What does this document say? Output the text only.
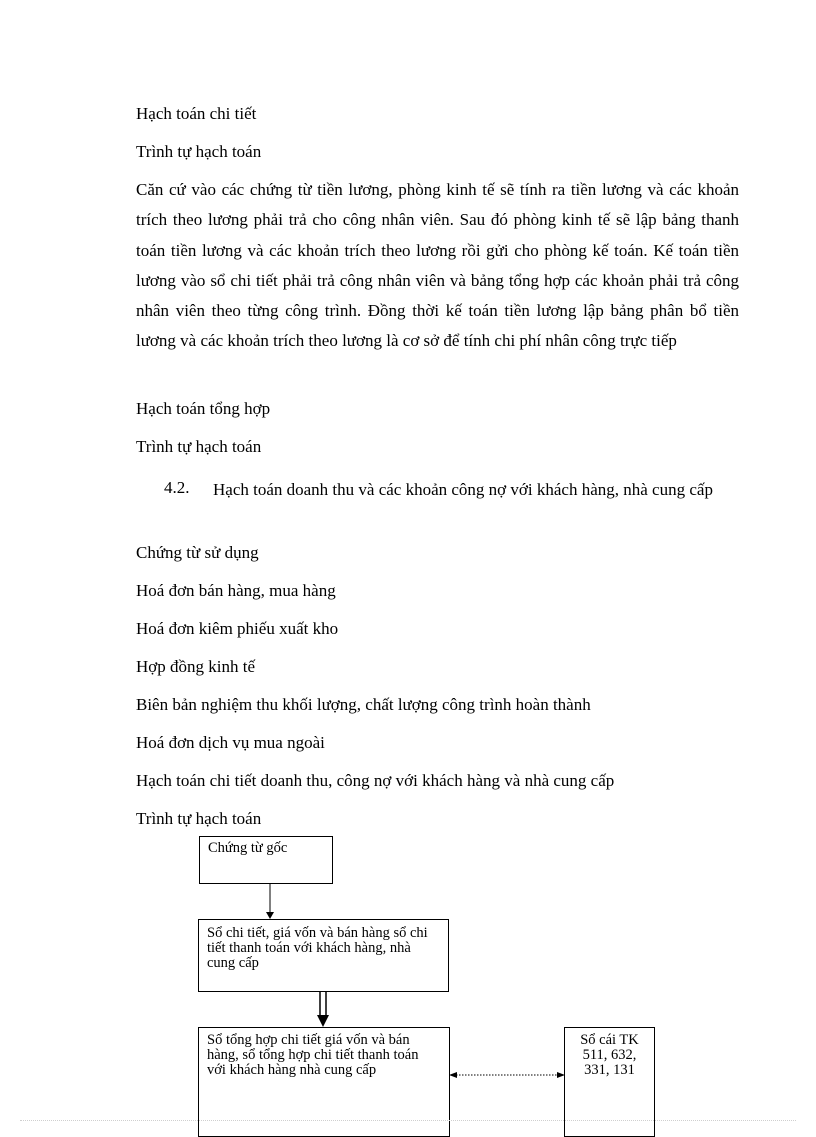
Hạch toán chi tiết
Trình tự hạch toán
Căn cứ vào các chứng từ tiền lương, phòng kinh tế sẽ tính ra tiền lương và các khoản trích theo lương phải trả cho công nhân viên. Sau đó phòng kinh tế sẽ lập bảng thanh toán tiền lương và các khoản trích theo lương rồi gửi cho phòng kế toán. Kế toán tiền lương vào sổ chi tiết phải trả công nhân viên và bảng tổng hợp các khoản phải trả công nhân viên theo từng công trình. Đồng thời kế toán tiền lương lập bảng phân bổ tiền lương và các khoản trích theo lương là cơ sở để tính chi phí nhân công trực tiếp
Hạch toán tổng hợp
Trình tự hạch toán
4.2. Hạch toán doanh thu và các khoản công nợ với khách hàng, nhà cung cấp
Chứng từ sử dụng
Hoá đơn bán hàng, mua hàng
Hoá đơn kiêm phiếu xuất kho
Hợp đồng kinh tế
Biên bản nghiệm thu khối lượng, chất lượng công trình hoàn thành
Hoá đơn dịch vụ mua ngoài
Hạch toán chi tiết doanh thu, công nợ với khách hàng và nhà cung cấp
Trình tự hạch toán
Chứng từ gốc
Sổ chi tiết, giá vốn và bán hàng sổ chi tiết thanh toán với khách hàng, nhà cung cấp
Sổ tổng hợp chi tiết giá vốn và bán hàng, sổ tổng hợp chi tiết thanh toán với khách hàng nhà cung cấp
Sổ cái TK 511, 632, 331, 131
